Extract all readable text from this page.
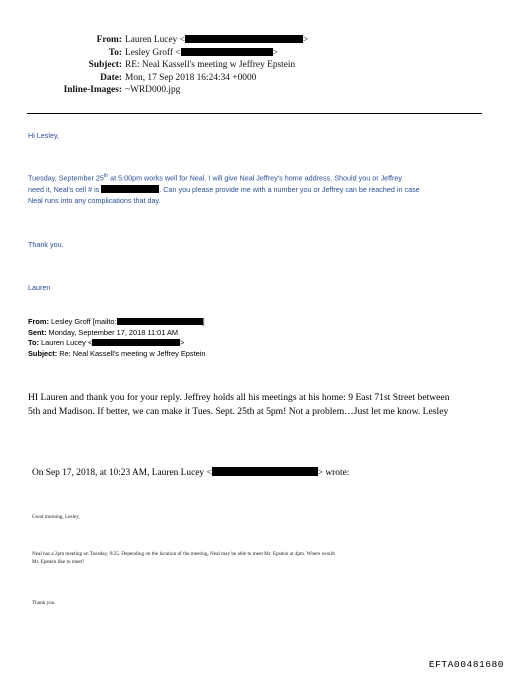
From: Lauren Lucey <	>
To: Lesley Groff <	>
Subject: RE: Neal Kassell's meeting w Jeffrey Epstein
Date: Mon, 17 Sep 2018 16:24:34 +0000
Inline-Images: ~WRD000.jpg
Hi Lesley,
Tuesday, September 25th at 5:00pm works well for Neal. I will give Neal Jeffrey's home address. Should you or Jeffrey
need it, Neal's cell # is	. Can you please provide me with a number you or Jeffrey can be reached in case
Neal runs into any complications that day.
Thank you.
Lauren
From: Lesley Groff [mailto:	]
Sent: Monday, September 17, 2018 11:01 AM
To: Lauren Lucey <	>
Subject: Re: Neal Kassell's meeting w Jeffrey Epstein
HI Lauren and thank you for your reply. Jeffrey holds all his meetings at his home: 9 East 71st Street between
5th and Madison. If better, we can make it Tues. Sept. 25th at 5pm! Not a problem…Just let me know. Lesley
On Sep 17, 2018, at 10:23 AM, Lauren Lucey <	> wrote:
Good morning, Lesley,
Neal has a 2pm meeting on Tuesday, 9/25. Depending on the location of the meeting, Neal may be able to meet Mr. Epstein at 4pm. Where would
Mr. Epstein like to meet?
Thank you.
EFTA00481680
